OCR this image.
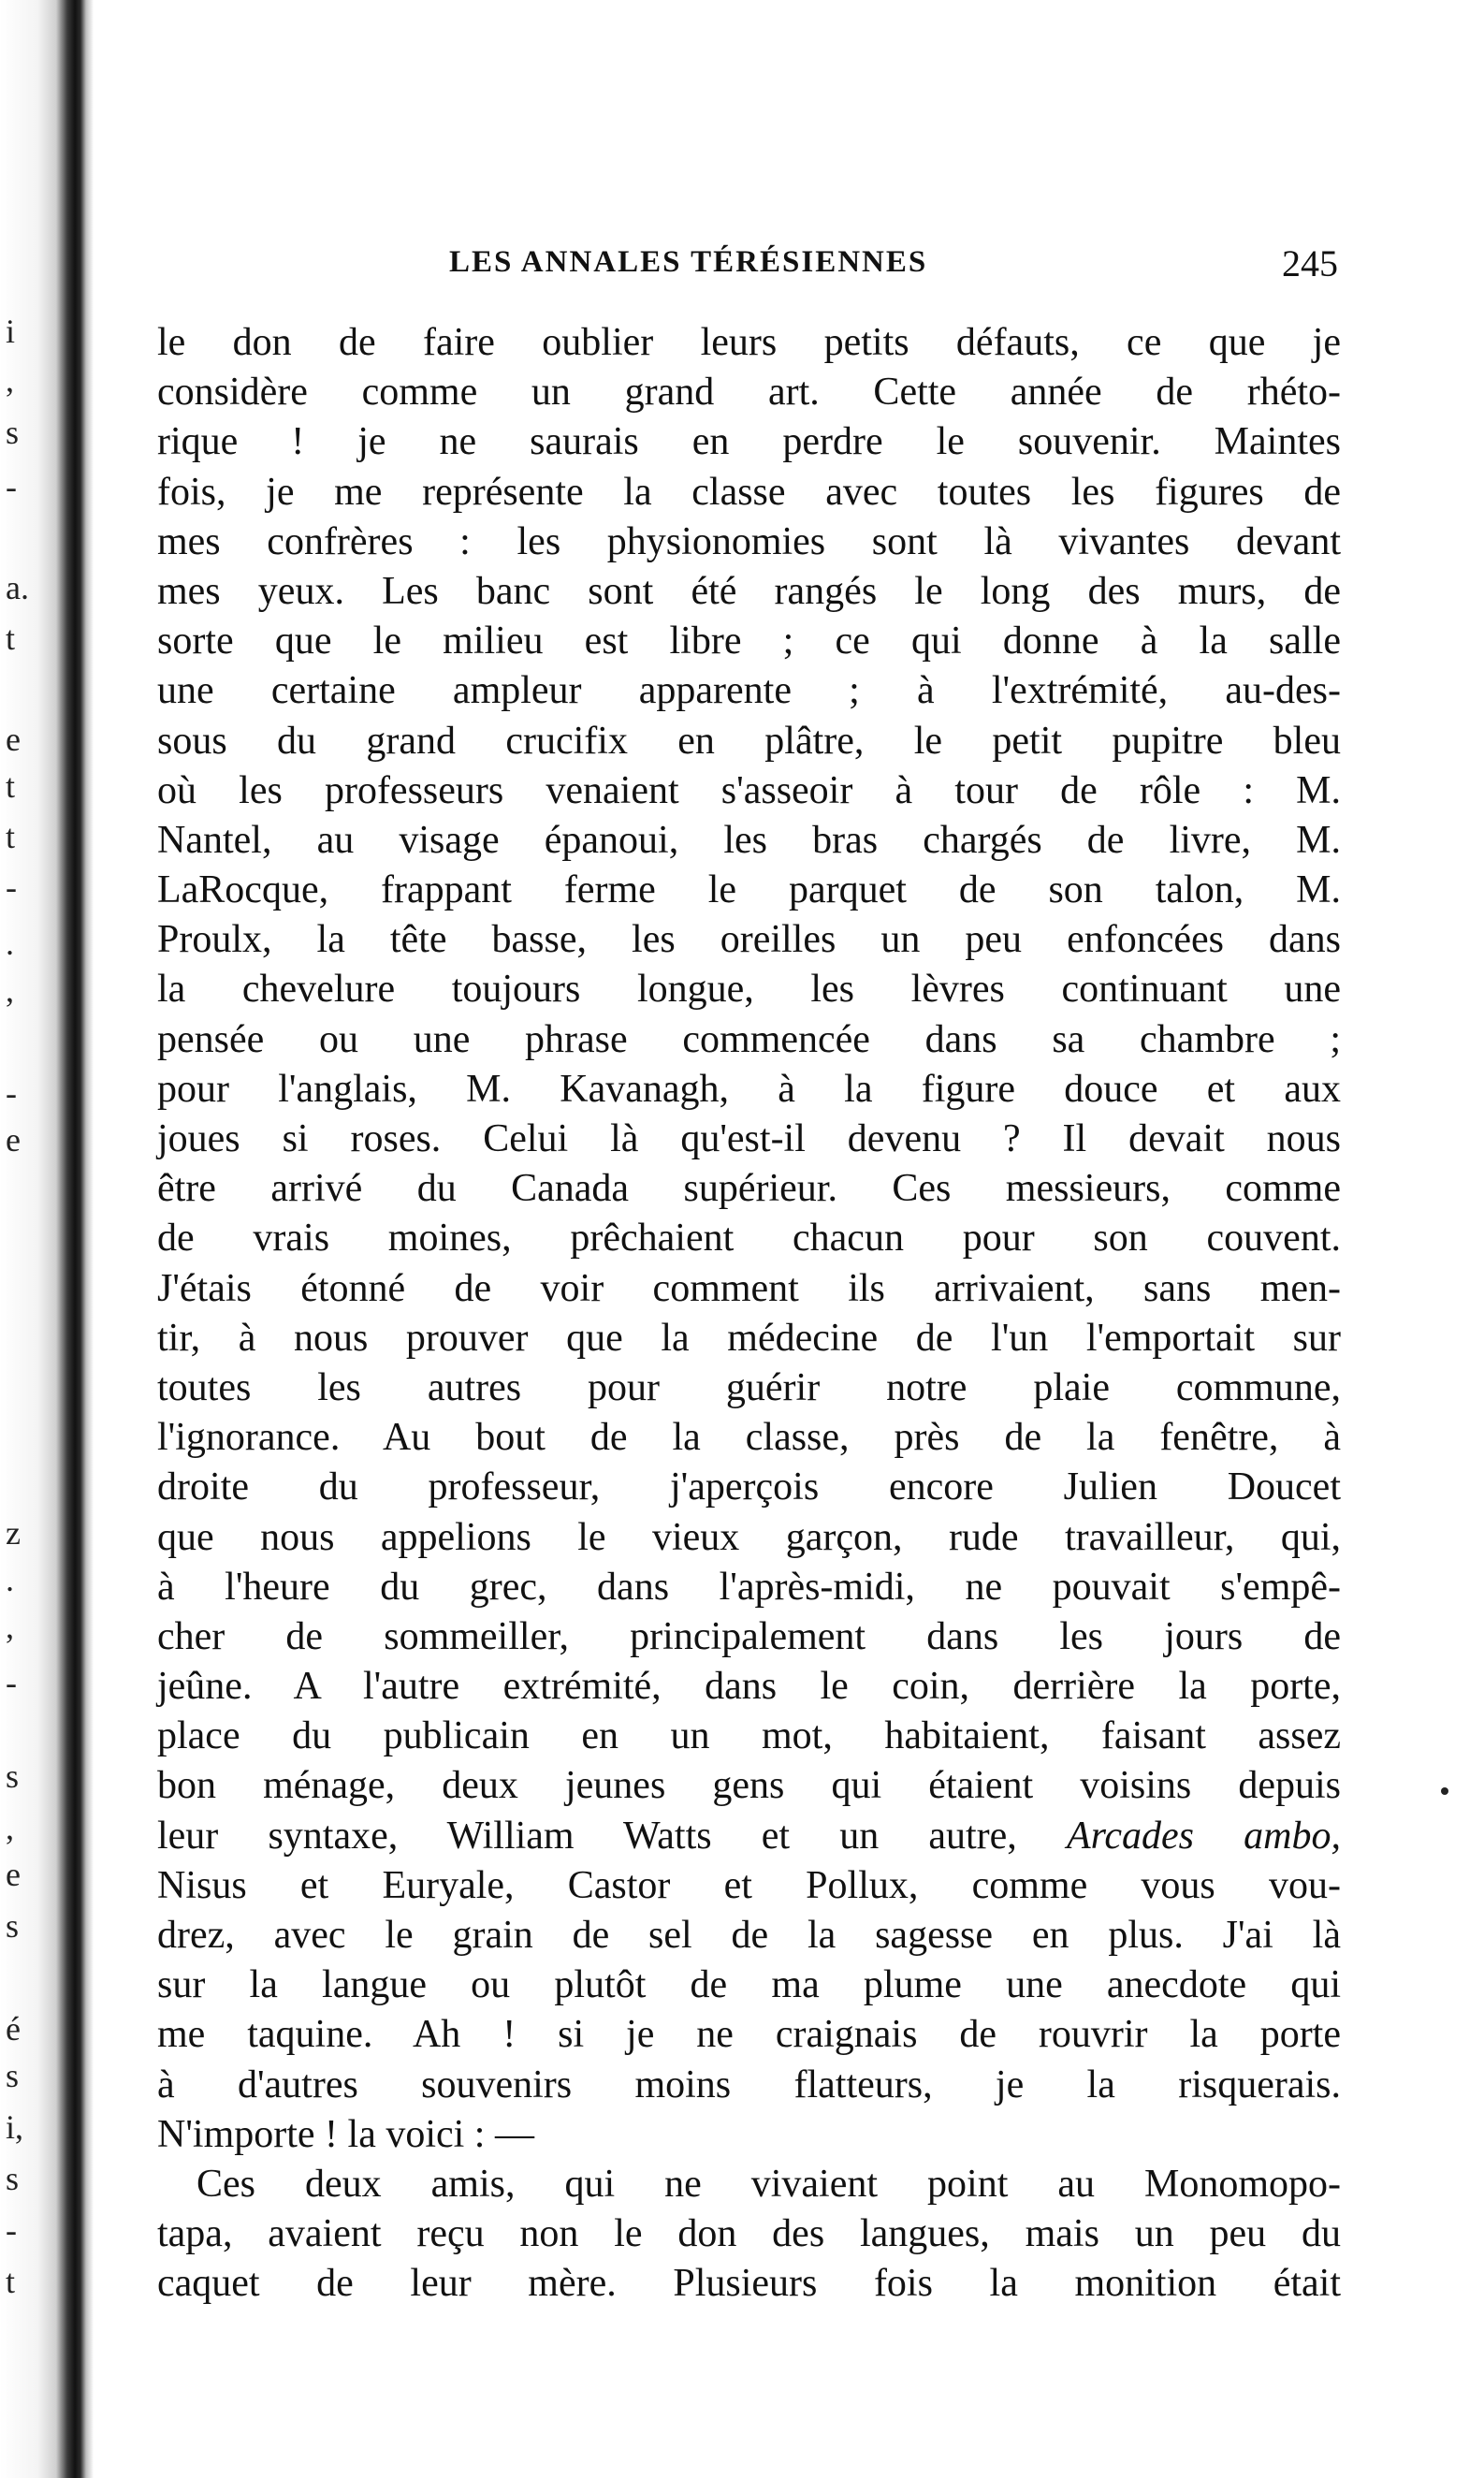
i
,
s
-
a.
t
e
t
t
-
.
,
-
e
z
.
,
-
s
,
e
s
é
s
i,
s
-
t
LES ANNALES TÉRÉSIENNES	245
le don de faire oublier leurs petits défauts, ce que je
considère comme un grand art. Cette année de rhéto-
rique ! je ne saurais en perdre le souvenir. Maintes
fois, je me représente la classe avec toutes les figures de
mes confrères : les physionomies sont là vivantes devant
mes yeux. Les banc sont été rangés le long des murs, de
sorte que le milieu est libre ; ce qui donne à la salle
une certaine ampleur apparente ; à l'extrémité, au-des-
sous du grand crucifix en plâtre, le petit pupitre bleu
où les professeurs venaient s'asseoir à tour de rôle : M.
Nantel, au visage épanoui, les bras chargés de livre, M.
LaRocque, frappant ferme le parquet de son talon, M.
Proulx, la tête basse, les oreilles un peu enfoncées dans
la chevelure toujours longue, les lèvres continuant une
pensée ou une phrase commencée dans sa chambre ;
pour l'anglais, M. Kavanagh, à la figure douce et aux
joues si roses. Celui là qu'est-il devenu ? Il devait nous
être arrivé du Canada supérieur. Ces messieurs, comme
de vrais moines, prêchaient chacun pour son couvent.
J'étais étonné de voir comment ils arrivaient, sans men-
tir, à nous prouver que la médecine de l'un l'emportait sur
toutes les autres pour guérir notre plaie commune,
l'ignorance. Au bout de la classe, près de la fenêtre, à
droite du professeur, j'aperçois encore Julien Doucet
que nous appelions le vieux garçon, rude travailleur, qui,
à l'heure du grec, dans l'après-midi, ne pouvait s'empê-
cher de sommeiller, principalement dans les jours de
jeûne. A l'autre extrémité, dans le coin, derrière la porte,
place du publicain en un mot, habitaient, faisant assez
bon ménage, deux jeunes gens qui étaient voisins depuis
leur syntaxe, William Watts et un autre, Arcades ambo,
Nisus et Euryale, Castor et Pollux, comme vous vou-
drez, avec le grain de sel de la sagesse en plus. J'ai là
sur la langue ou plutôt de ma plume une anecdote qui
me taquine. Ah ! si je ne craignais de rouvrir la porte
à d'autres souvenirs moins flatteurs, je la risquerais.
N'importe ! la voici : —
Ces deux amis, qui ne vivaient point au Monomopo-
tapa, avaient reçu non le don des langues, mais un peu du
caquet de leur mère. Plusieurs fois la monition était
